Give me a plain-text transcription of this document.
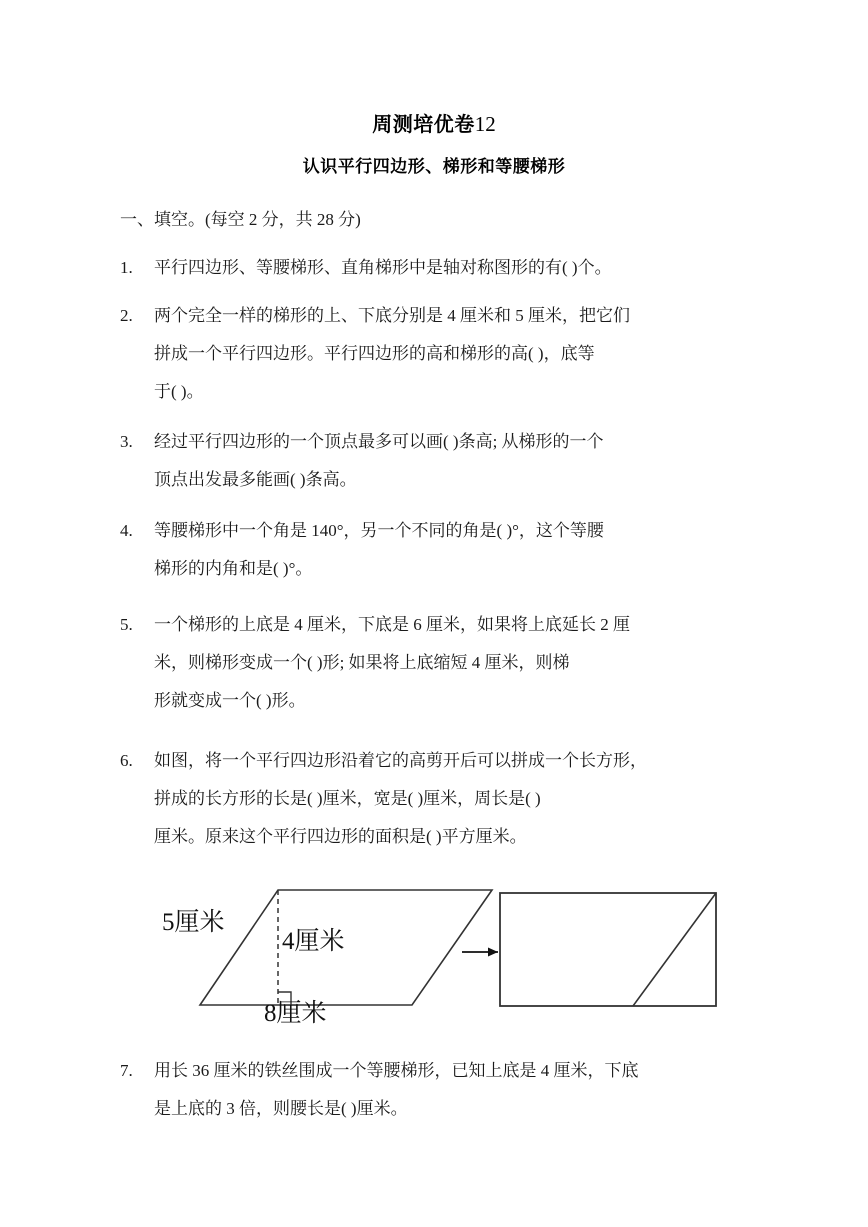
周测培优卷12
认识平行四边形、梯形和等腰梯形
一、填空。(每空 2 分，共 28 分)
1.	平行四边形、等腰梯形、直角梯形中是轴对称图形的有( )个。
2.	两个完全一样的梯形的上、下底分别是 4 厘米和 5 厘米，把它们
拼成一个平行四边形。平行四边形的高和梯形的高( )，底等
于( )。
3.	经过平行四边形的一个顶点最多可以画( )条高; 从梯形的一个
顶点出发最多能画( )条高。
4.	等腰梯形中一个角是 140°，另一个不同的角是( )°，这个等腰
梯形的内角和是( )°。
5.	一个梯形的上底是 4 厘米，下底是 6 厘米，如果将上底延长 2 厘
米，则梯形变成一个( )形; 如果将上底缩短 4 厘米，则梯
形就变成一个( )形。
6.	如图，将一个平行四边形沿着它的高剪开后可以拼成一个长方形，
拼成的长方形的长是( )厘米，宽是( )厘米，周长是( )
厘米。原来这个平行四边形的面积是( )平方厘米。
5厘米
4厘米
8厘米
7.	用长 36 厘米的铁丝围成一个等腰梯形，已知上底是 4 厘米，下底
是上底的 3 倍，则腰长是( )厘米。
